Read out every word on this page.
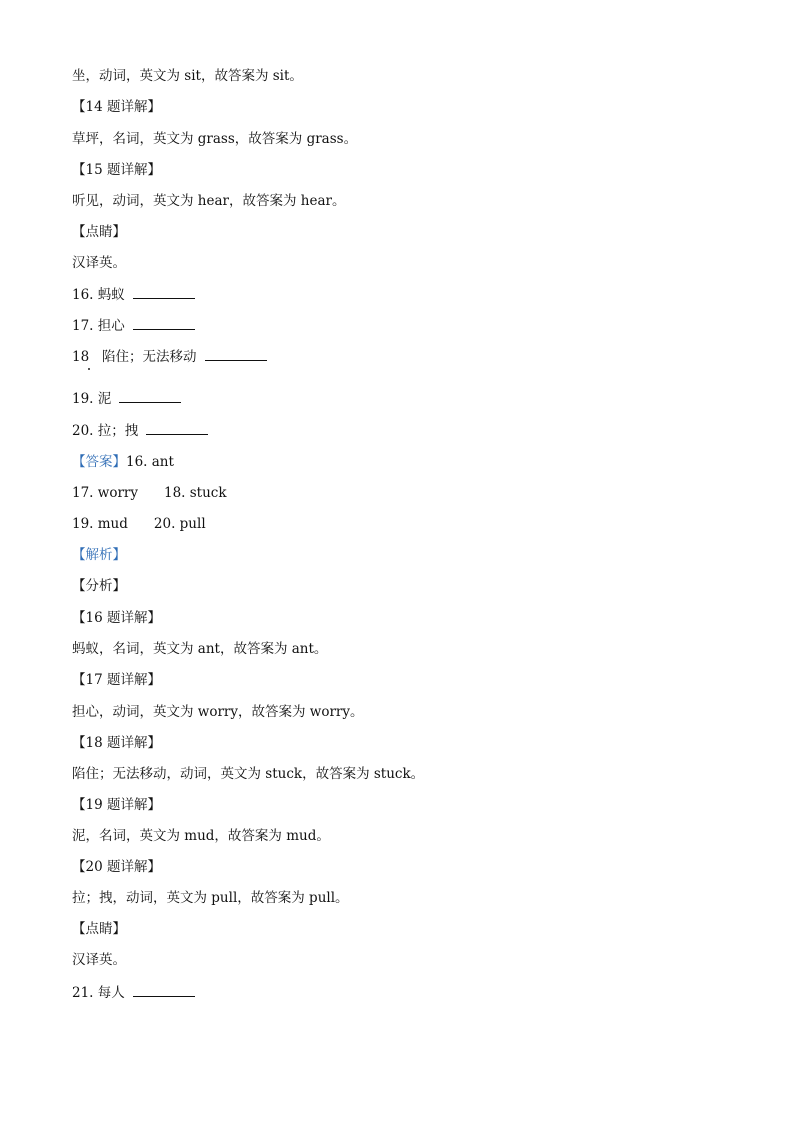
坐，动词，英文为 sit，故答案为 sit。
【14 题详解】
草坪，名词，英文为 grass，故答案为 grass。
【15 题详解】
听见，动词，英文为 hear，故答案为 hear。
【点睛】
汉译英。
16. 蚂蚁
17. 担心
18   陷住；无法移动
19. 泥
20. 拉；拽
【答案】16. ant
17. worry 18. stuck
19. mud 20. pull
【解析】
【分析】
【16 题详解】
蚂蚁，名词，英文为 ant，故答案为 ant。
【17 题详解】
担心，动词，英文为 worry，故答案为 worry。
【18 题详解】
陷住；无法移动，动词，英文为 stuck，故答案为 stuck。
【19 题详解】
泥，名词，英文为 mud，故答案为 mud。
【20 题详解】
拉；拽，动词，英文为 pull，故答案为 pull。
【点睛】
汉译英。
21. 每人
